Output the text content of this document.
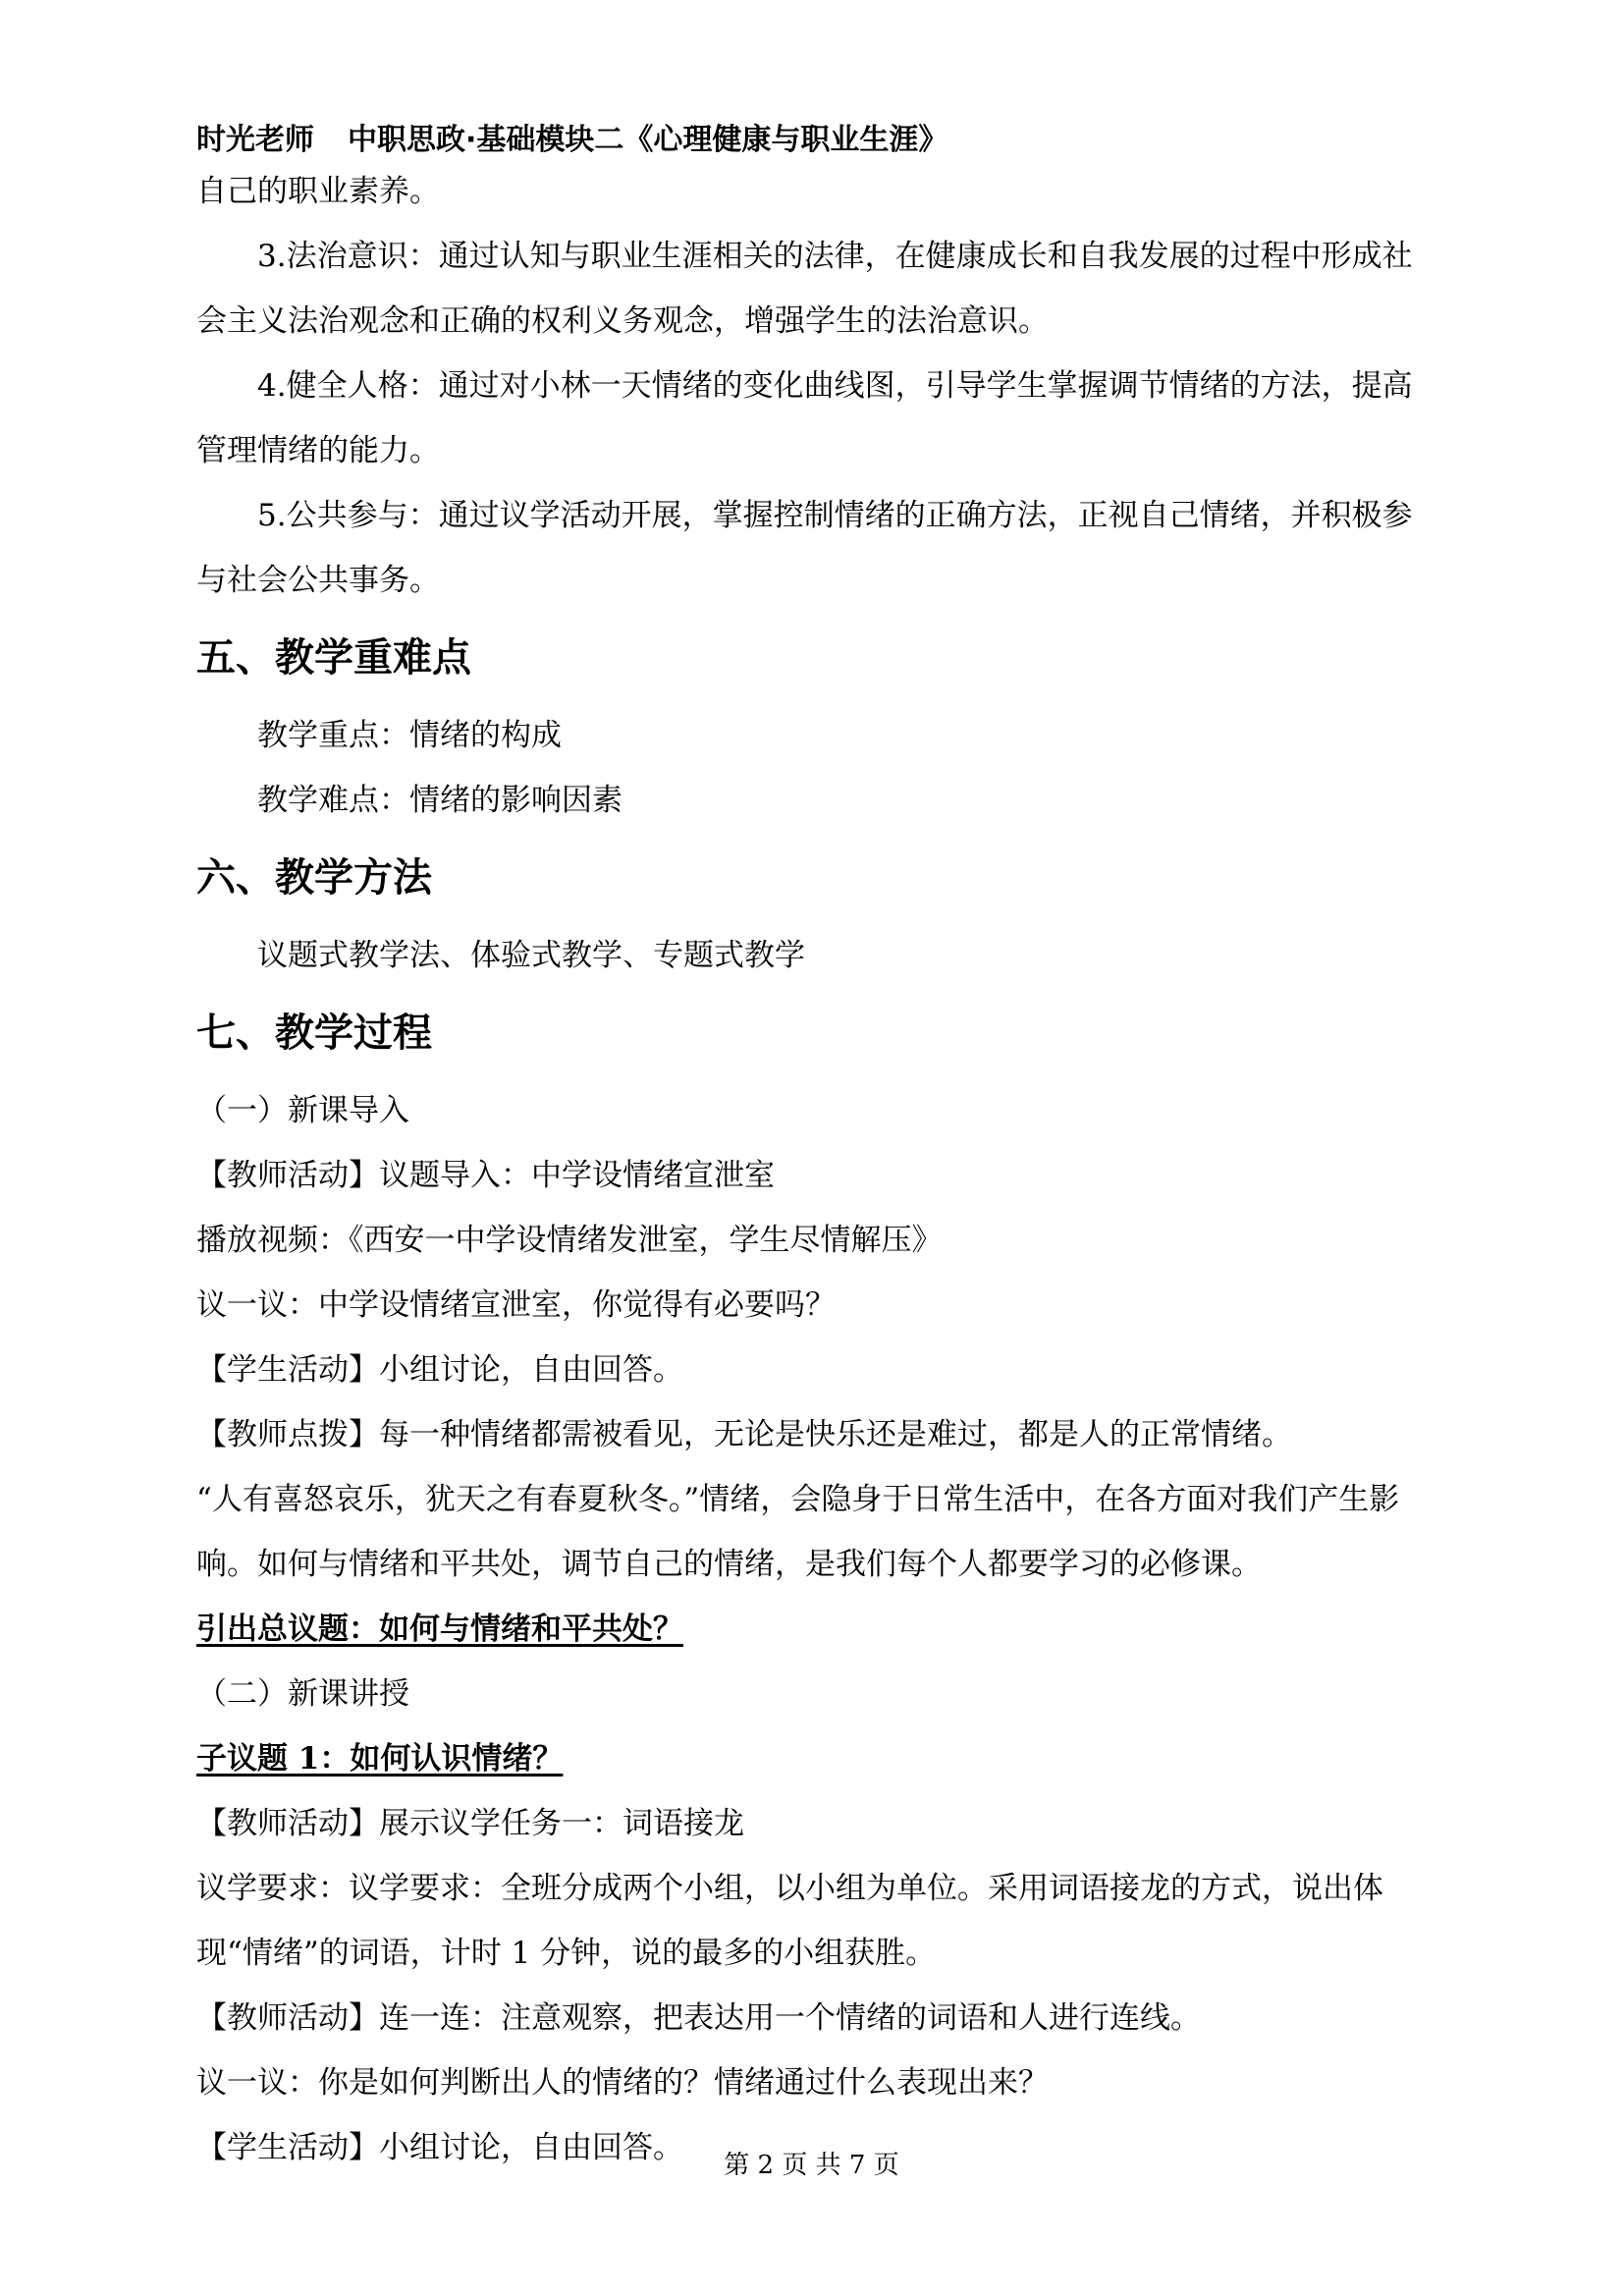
时光老师 中职思政·基础模块二《心理健康与职业生涯》

自己的职业素养。

3.法治意识：通过认知与职业生涯相关的法律，在健康成长和自我发展的过程中形成社会主义法治观念和正确的权利义务观念，增强学生的法治意识。

4.健全人格：通过对小林一天情绪的变化曲线图，引导学生掌握调节情绪的方法，提高管理情绪的能力。

5.公共参与：通过议学活动开展，掌握控制情绪的正确方法，正视自己情绪，并积极参与社会公共事务。

五、教学重难点

教学重点：情绪的构成

教学难点：情绪的影响因素

六、教学方法

议题式教学法、体验式教学、专题式教学

七、教学过程

（一）新课导入

【教师活动】议题导入：中学设情绪宣泄室

播放视频：《西安一中学设情绪发泄室，学生尽情解压》

议一议：中学设情绪宣泄室，你觉得有必要吗？

【学生活动】小组讨论，自由回答。

【教师点拨】每一种情绪都需被看见，无论是快乐还是难过，都是人的正常情绪。

“人有喜怒哀乐，犹天之有春夏秋冬。”情绪，会隐身于日常生活中，在各方面对我们产生影响。如何与情绪和平共处，调节自己的情绪，是我们每个人都要学习的必修课。

引出总议题：如何与情绪和平共处？

（二）新课讲授

子议题 1：如何认识情绪？

【教师活动】展示议学任务一：词语接龙

议学要求：议学要求：全班分成两个小组，以小组为单位。采用词语接龙的方式，说出体现“情绪”的词语，计时 1 分钟，说的最多的小组获胜。

【教师活动】连一连：注意观察，把表达用一个情绪的词语和人进行连线。

议一议：你是如何判断出人的情绪的？情绪通过什么表现出来？

【学生活动】小组讨论，自由回答。	第 2 页 共 7 页
